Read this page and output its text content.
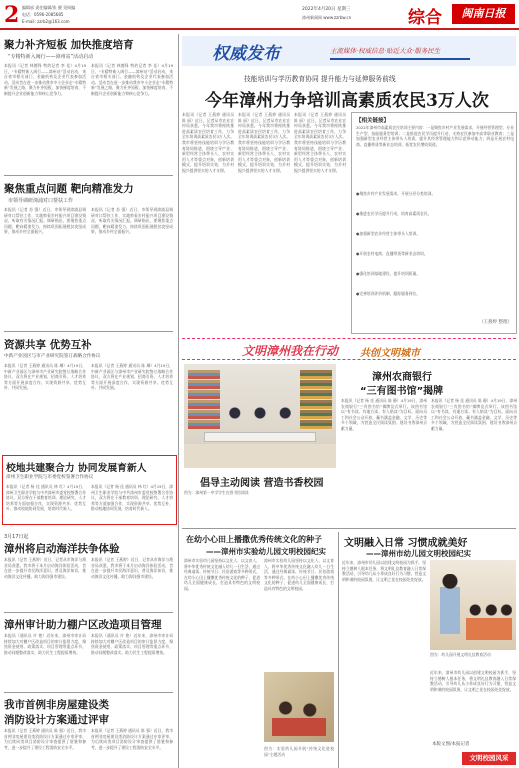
2 编辑部 责任编辑/张 健 见网编
电话：0596-2085685
E-mail: zzrb2@163.com
2022年4月20日 星期三
漳州新闻网 www.zzrbw.cn	综合	闽南日报
聚力补齐短板 加快推度培育
“专精特新入闽行——漳州站”活动启动
本报讯（记者 林德锋 特约记者 李 佳）4月19日，“专精特新入闽行——漳州站”活动启动，来自省市相关部门、金融机构及企业代表参加活动。活动旨在进一步推动我市中小企业走“专精特新”发展之路，聚力补齐短板，加快梯度培育，不断提升企业创新能力和核心竞争力。
本报讯（记者 林德锋 特约记者 李 佳）4月19日，“专精特新入闽行——漳州站”活动启动，来自省市相关部门、金融机构及企业代表参加活动。活动旨在进一步推动我市中小企业走“专精特新”发展之路，聚力补齐短板，加快梯度培育，不断提升企业创新能力和核心竞争力。
聚焦重点问题 靶向精准发力
市领导调研漳浦对口帮扶工作
本报讯（记者 苏 强）近日，市领导到漳浦县调研对口帮扶工作，实地察看乡村振兴项目建设情况，听取有关情况汇报。调研指出，要聚焦重点问题，靶向精准发力，持续巩固拓展脱贫攻坚成果，推动乡村全面振兴。
本报讯（记者 苏 强）近日，市领导到漳浦县调研对口帮扶工作，实地察看乡村振兴项目建设情况，听取有关情况汇报。调研指出，要聚焦重点问题，靶向精准发力，持续巩固拓展脱贫攻坚成果，推动乡村全面振兴。
资源共享 优势互补
中新产业园区与市产业研究院签订战略合作协议
本报讯（记者 王燕婷 通讯员 陈 琳）4月19日，中新产业园区与漳州市产业研究院签订战略合作协议，双方将在产业规划、招商引资、人才培养等方面开展深度合作，实现资源共享、优势互补、共同发展。
本报讯（记者 王燕婷 通讯员 陈 琳）4月19日，中新产业园区与漳州市产业研究院签订战略合作协议，双方将在产业规划、招商引资、人才培养等方面开展深度合作，实现资源共享、优势互补、共同发展。
校地共建聚合力 协同发展育新人
漳州卫生职业学院与市委党校签署合作协议
本报讯（记者 杨 佳 通讯员 林 红）4月19日，漳州卫生职业学院与中共漳州市委党校签署合作协议，双方将在干部教育培训、理论研究、人才培养等方面加强合作，实现资源共享、优势互补，推动校地协同发展，培育时代新人。
本报讯（记者 杨 佳 通讯员 林 红）4月19日，漳州卫生职业学院与中共漳州市委党校签署合作协议，双方将在干部教育培训、理论研究、人才培养等方面加强合作，实现资源共享、优势互补，推动校地协同发展，培育时代新人。
3月17日起
漳州将启动海洋扶争体验
本报讯（记者 王燕婷）近日，记者从市海洋与渔业局获悉，我市将于本月启动海洋体验活动，旨在进一步提升市民海洋意识，普及海洋知识，推动海洋文化传播，助力海洋强市建设。
本报讯（记者 王燕婷）近日，记者从市海洋与渔业局获悉，我市将于本月启动海洋体验活动，旨在进一步提升市民海洋意识，普及海洋知识，推动海洋文化传播，助力海洋强市建设。
漳州审计助力棚户区改造项目管理
本报讯（通讯员 许 艳）近年来，漳州市审计局持续加大对棚户区改造项目的审计监督力度，聚焦资金使用、政策落实、项目管理等重点环节，推动问题整改落实，助力民生工程提质增效。
本报讯（通讯员 许 艳）近年来，漳州市审计局持续加大对棚户区改造项目的审计监督力度，聚焦资金使用、政策落实、项目管理等重点环节，推动问题整改落实，助力民生工程提质增效。
我市首例非房屋建设类
消防设计方案通过评审
本报讯（记者 王燕婷 通讯员 陈 强）近日，我市首例非房屋建设类消防设计方案通过专家评审，为后续同类项目消防设计审查提供了借鉴和参考，进一步提升了建设工程消防安全水平。
本报讯（记者 王燕婷 通讯员 陈 强）近日，我市首例非房屋建设类消防设计方案通过专家评审，为后续同类项目消防设计审查提供了借鉴和参考，进一步提升了建设工程消防安全水平。
权威发布	主流媒体·权威信息·贴近大众·服务民生
技能培训与学历教育协同 提升能力与延伸服务前线
今年漳州力争培训高素质农民3万人次
本报讯（记者 王燕婷 通讯员 陈 丽）近日，记者从市农业农村局获悉，今年我市将持续推进高素质农民培育工作，力争全年培训高素质农民3万人次。我市将坚持技能培训与学历教育协同推进，围绕主导产业、新型经营主体带头人、农村实用人才等重点对象，创新培训模式，提升培训实效，为乡村振兴提供坚实的人才支撑。
本报讯（记者 王燕婷 通讯员 陈 丽）近日，记者从市农业农村局获悉，今年我市将持续推进高素质农民培育工作，力争全年培训高素质农民3万人次。我市将坚持技能培训与学历教育协同推进，围绕主导产业、新型经营主体带头人、农村实用人才等重点对象，创新培训模式，提升培训实效，为乡村振兴提供坚实的人才支撑。
本报讯（记者 王燕婷 通讯员 陈 丽）近日，记者从市农业农村局获悉，今年我市将持续推进高素质农民培育工作，力争全年培训高素质农民3万人次。我市将坚持技能培训与学历教育协同推进，围绕主导产业、新型经营主体带头人、农村实用人才等重点对象，创新培训模式，提升培训实效，为乡村振兴提供坚实的人才支撑。
【相关链接】
2022年漳州市高素质农民培训主要内容：一是聚焦乡村产业发展需求，开展经营管理型、专业生产型、技能服务型培训；二是推进农民学历提升行动，支持农民参加中高等职业教育；三是加强新型农业经营主体带头人培训，提升其经营管理能力和示范带动能力；四是开展农村电商、直播带货等新业态培训，拓宽农民增收渠道。
●聚焦乡村产业发展需求，开展分层分类培训。
●推进农民学历提升行动，培育高素质农民。
●加强新型农业经营主体带头人培训。
●开展农村电商、直播带货等新业态培训。
●强化培训基地建设，提升培训质量。
●完善培训评价机制，跟踪服务到位。
（王燕婷 整理）
文明漳州我在行动 共创文明城市
倡导主动阅读 营造书香校园
图为：漳州第一中学学生在图书馆阅读
漳州农商银行
“三有图书馆”揭牌
本报讯（记者 杨 佳 通讯员 陈 静）4月19日，漳州农商银行“三有图书馆”揭牌仪式举行。该图书馆以“有书读、有地方读、有人陪读”为目标，面向员工和社会公众开放，藏书涵盖金融、文学、历史等多个领域，为营造全民阅读氛围、建设书香漳州贡献力量。
本报讯（记者 杨 佳 通讯员 陈 静）4月19日，漳州农商银行“三有图书馆”揭牌仪式举行。该图书馆以“有书读、有地方读、有人陪读”为目标，面向员工和社会公众开放，藏书涵盖金融、文学、历史等多个领域，为营造全民阅读氛围、建设书香漳州贡献力量。
在幼小心田上播撒优秀传统文化的种子
——漳州市实验幼儿园文明校园纪实
漳州市实验幼儿园坚持以文化人、以文育人，将中华优秀传统文化融入幼儿一日生活，通过经典诵读、传统节日、民俗游戏等多种形式，在幼小心田上播撒优秀传统文化的种子，促进幼儿全面健康成长，打造具有特色的文明校园。
漳州市实验幼儿园坚持以文化人、以文育人，将中华优秀传统文化融入幼儿一日生活，通过经典诵读、传统节日、民俗游戏等多种形式，在幼小心田上播撒优秀传统文化的种子，促进幼儿全面健康成长，打造具有特色的文明校园。
图为：实验幼儿园开展“传统文化进校园”主题活动
文明融入日常 习惯成就美好
——漳州市幼儿园文明校园纪实
近年来，漳州市幼儿园以创建文明校园为抓手，坚持立德树人根本任务，将文明礼仪教育融入日常保教活动，引导幼儿从小养成良好行为习惯，营造文明和谐的校园氛围，让文明之花在校园处处绽放。
图为：幼儿园开展文明礼仪教育活动
近年来，漳州市幼儿园以创建文明校园为抓手，坚持立德树人根本任务，将文明礼仪教育融入日常保教活动，引导幼儿从小养成良好行为习惯，营造文明和谐的校园氛围，让文明之花在校园处处绽放。
本版文图/本报记者
文明校园风采
